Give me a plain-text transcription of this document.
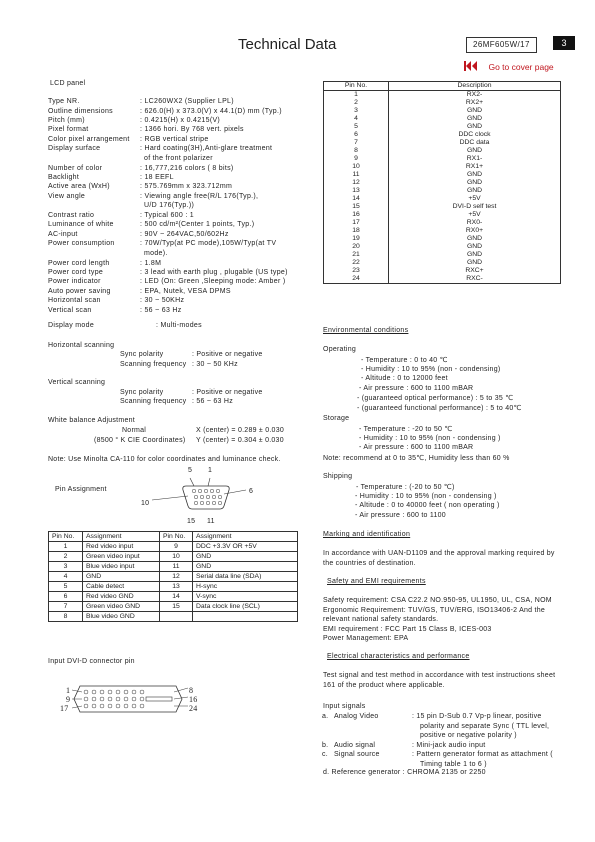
Technical Data	26MF605W/17	3
Go to cover page
LCD panel
Type NR.	: LC260WX2 (Supplier LPL)
Outline dimensions	: 626.0(H) x 373.0(V) x 44.1(D) mm (Typ.)
Pitch (mm)	: 0.4215(H) x 0.4215(V)
Pixel format	: 1366 hori. By 768 vert. pixels
Color pixel arrangement : RGB vertical stripe
Display surface	: Hard coating(3H),Anti-glare treatment
of the front polarizer
Number of color	: 16,777,216 colors ( 8 bits)
Backlight	: 18 EEFL
Active area (WxH)	: 575.769mm x 323.712mm
View angle	: Viewing angle free(R/L 176(Typ.),
U/D 176(Typ.))
Contrast ratio	: Typical 600 : 1
Luminance of white	: 500 cd/m²(Center 1 points, Typ.)
AC-input	: 90V ~ 264VAC,50/602Hz
Power consumption	: 70W/Typ(at PC mode),105W/Typ(at TV
mode).
Power cord length	: 1.8M
Power cord type	: 3 lead with earth plug , plugable (US type)
Power indicator	: LED (On: Green ,Sleeping mode: Amber )
Auto power saving	: EPA, Nutek, VESA DPMS
Horizontal scan	: 30 ~ 50KHz
Vertical scan	: 56 ~ 63 Hz
Display mode	: Multi-modes
Horizontal scanning
Sync polarity	: Positive or negative
Scanning frequency : 30 ~ 50 KHz
Vertical scanning
Sync polarity	: Positive or negative
Scanning frequency : 56 ~ 63 Hz
White balance Adjustment
Normal	X (center) = 0.289 ± 0.030
(8500 ° K CIE Coordinates) Y (center) = 0.304 ± 0.030
Note: Use Minolta CA-110 for color coordinates and luminance check.
Pin Assignment
5 1
6
10
15 11
Pin No.	Assignment	Pin No.	Assignment
1	Red video input	9	DDC +3.3V OR +5V
2	Green video input	10	GND
3	Blue video input	11	GND
4	GND	12	Serial data line (SDA)
5	Cable detect	13	H-sync
6	Red video GND	14	V-sync
7	Green video GND	15	Data clock line (SCL)
8	Blue video GND		
Input DVI-D connector pin
1
9
17
8
16
24
Pin No.	Description
1	RX2-
2	RX2+
3	GND
4	GND
5	GND
6	DDC clock
7	DDC data
8	GND
9	RX1-
10	RX1+
11	GND
12	GND
13	GND
14	+5V
15	DVI-D self test
16	+5V
17	RX0-
18	RX0+
19	GND
20	GND
21	GND
22	GND
23	RXC+
24	RXC-
Environmental conditions
Operating
- Temperature : 0 to 40 ℃
- Humidity : 10 to 95% (non - condensing)
- Altitude : 0 to 12000 feet
- Air pressure : 600 to 1100 mBAR
- (guaranteed optical performance) : 5 to 35 ℃
- (guaranteed functional performance) : 5 to 40℃
Storage
- Temperature : -20 to 50 ℃
- Humidity : 10 to 95% (non - condensing )
- Air pressure : 600 to 1100 mBAR
Note: recommend at 0 to 35℃, Humidity less than 60 %
Shipping
- Temperature : (-20 to 50 ℃)
- Humidity : 10 to 95% (non - condensing )
- Altitude : 0 to 40000 feet ( non operating )
- Air pressure : 600 to 1100
Marking and identification
In accordance with UAN-D1109 and the approval marking required by
the countries of destination.
Safety and EMI requirements
Safety requirement: CSA C22.2 NO.950-95, UL1950, UL, CSA, NOM
Ergonomic Requirement: TUV/GS, TUV/ERG, ISO13406-2 And the
relevant national safety standards.
EMI requirement : FCC Part 15 Class B, ICES-003
Power Management: EPA
Electrical characteristics and performance
Test signal and test method in accordance with test instructions sheet
161 of the product where applicable.
Input signals
a. Analog Video	: 15 pin D-Sub 0.7 Vp-p linear, positive
polarity and separate Sync ( TTL level,
positive or negative polarity )
b. Audio signal	: Mini-jack audio input
c. Signal source	: Pattern generator format as attachment (
Timing table 1 to 6 )
d. Reference generator : CHROMA 2135 or 2250
